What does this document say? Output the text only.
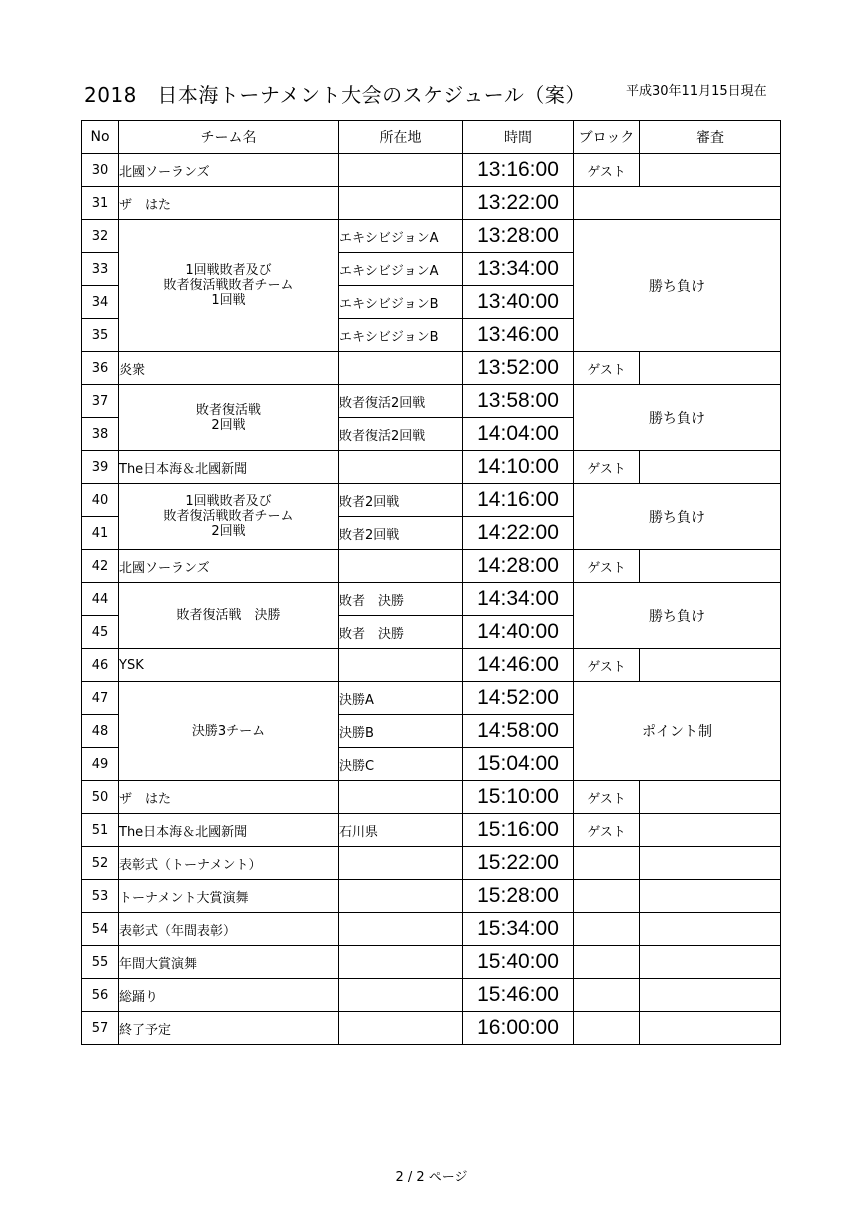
2018　日本海トーナメント大会のスケジュール（案）	平成30年11月15日現在
No	チーム名	所在地	時間	ブロック	審査
30	北國ソーランズ		13:16:00	ゲスト	
31	ザ　はた		13:22:00		
32	1回戦敗者及び
敗者復活戦敗者チーム
1回戦	エキシビジョンA	13:28:00	勝ち負け	
33		エキシビジョンA	13:34:00		
34		エキシビジョンB	13:40:00		
35		エキシビジョンB	13:46:00		
36	炎衆		13:52:00	ゲスト	
37	敗者復活戦
2回戦	敗者復活2回戦	13:58:00	勝ち負け	
38		敗者復活2回戦	14:04:00		
39	The日本海＆北國新聞		14:10:00	ゲスト	
40	1回戦敗者及び
敗者復活戦敗者チーム
2回戦	敗者2回戦	14:16:00	勝ち負け	
41		敗者2回戦	14:22:00		
42	北國ソーランズ		14:28:00	ゲスト	
44	敗者復活戦　決勝	敗者　決勝	14:34:00	勝ち負け	
45		敗者　決勝	14:40:00		
46	YSK		14:46:00	ゲスト	
47	決勝3チーム	決勝A	14:52:00	ポイント制	
48		決勝B	14:58:00		
49		決勝C	15:04:00		
50	ザ　はた		15:10:00	ゲスト	
51	The日本海＆北國新聞	石川県	15:16:00	ゲスト	
52	表彰式（トーナメント）		15:22:00		
53	トーナメント大賞演舞		15:28:00		
54	表彰式（年間表彰）		15:34:00		
55	年間大賞演舞		15:40:00		
56	総踊り		15:46:00		
57	終了予定		16:00:00		
2 / 2 ページ
